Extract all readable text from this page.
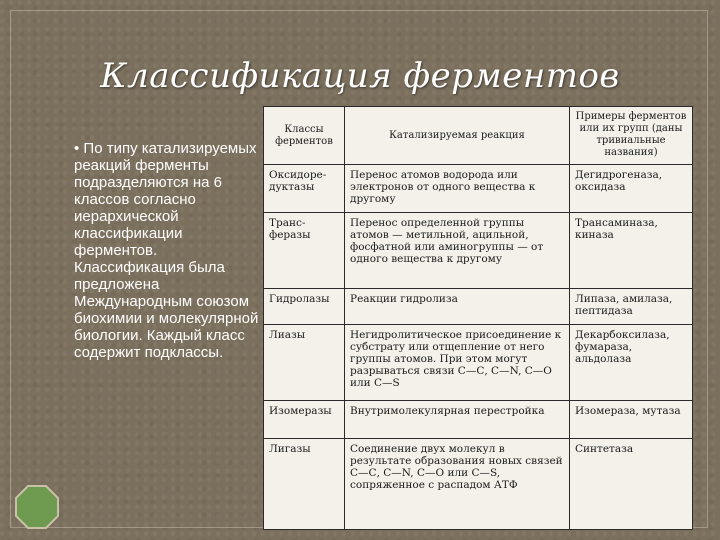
Классификация ферментов
• По типу катализируемых реакций ферменты подразделяются на 6 классов согласно иерархической классификации ферментов. Классификация была предложена Международным союзом биохимии и молекулярной биологии. Каждый класс содержит подклассы.
Классы ферментов	Катализируемая реакция	Примеры ферментов или их групп (даны тривиальные названия)
Оксидоре-дуктазы	Перенос атомов водорода или электронов от одного вещества к другому	Дегидрогеназа, оксидаза
Транс-феразы	Перенос определенной группы атомов — метильной, ацильной, фосфатной или аминогруппы — от одного вещества к другому	Трансаминаза, киназа
Гидролазы	Реакции гидролиза	Липаза, амилаза, пептидаза
Лиазы	Негидролитическое присоединение к субстрату или отщепление от него группы атомов. При этом могут разрываться связи С—С, С—N, С—О или С—S	Декарбоксилаза, фумараза, альдолаза
Изомеразы	Внутримолекулярная перестройка	Изомераза, мутаза
Лигазы	Соединение двух молекул в результате образования новых связей С—С, С—N, С—О или С—S, сопряженное с распадом АТФ	Синтетаза
